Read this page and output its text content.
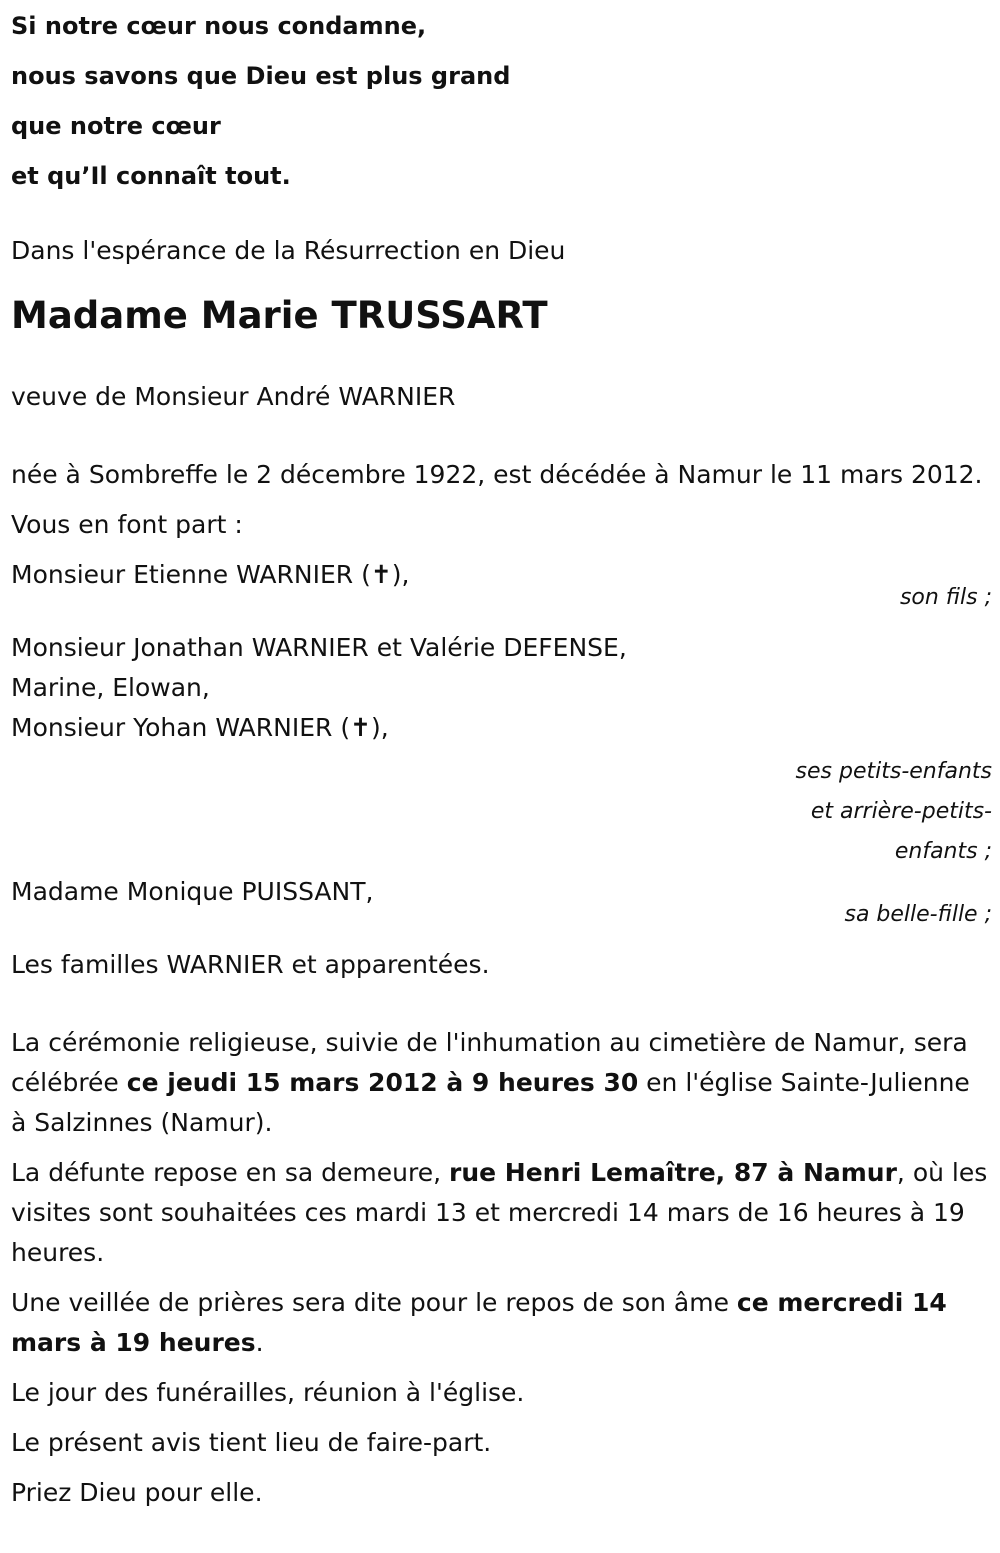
Si notre cœur nous condamne,

nous savons que Dieu est plus grand

que notre cœur

et qu’Il connaît tout.

Dans l'espérance de la Résurrection en Dieu

Madame Marie TRUSSART

veuve de Monsieur André WARNIER

née à Sombreffe le 2 décembre 1922, est décédée à Namur le 11 mars 2012.

Vous en font part :

Monsieur Etienne WARNIER (✝),

son fils ;

Monsieur Jonathan WARNIER et Valérie DEFENSE,

Marine, Elowan,

Monsieur Yohan WARNIER (✝),

ses petits-enfants
et arrière-petits-
enfants ;

Madame Monique PUISSANT,

sa belle-fille ;

Les familles WARNIER et apparentées.

La cérémonie religieuse, suivie de l'inhumation au cimetière de Namur, sera célébrée ce jeudi 15 mars 2012 à 9 heures 30 en l'église Sainte-Julienne à Salzinnes (Namur).

La défunte repose en sa demeure, rue Henri Lemaître, 87 à Namur, où les visites sont souhaitées ces mardi 13 et mercredi 14 mars de 16 heures à 19 heures.

Une veillée de prières sera dite pour le repos de son âme ce mercredi 14 mars à 19 heures.

Le jour des funérailles, réunion à l'église.

Le présent avis tient lieu de faire-part.

Priez Dieu pour elle.
